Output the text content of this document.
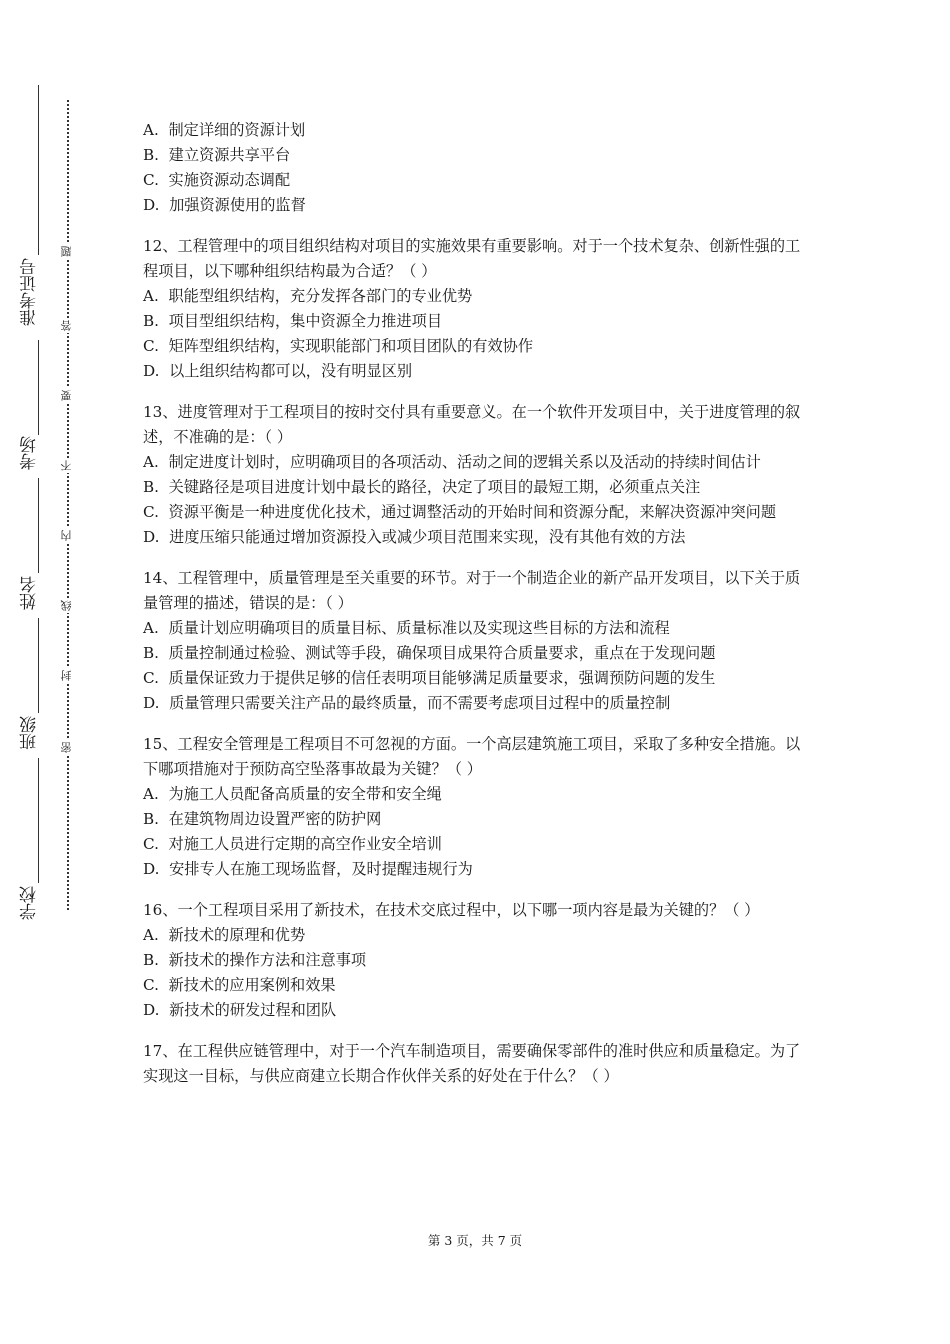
准考证号
考场
姓名
班级
学校
题
答
要
不
内
线
封
密

A.  制定详细的资源计划

B.  建立资源共享平台

C.  实施资源动态调配

D.  加强资源使用的监督

12、工程管理中的项目组织结构对项目的实施效果有重要影响。对于一个技术复杂、创新性强的工程项目，以下哪种组织结构最为合适？（ ）

A.  职能型组织结构，充分发挥各部门的专业优势

B.  项目型组织结构，集中资源全力推进项目

C.  矩阵型组织结构，实现职能部门和项目团队的有效协作

D.  以上组织结构都可以，没有明显区别

13、进度管理对于工程项目的按时交付具有重要意义。在一个软件开发项目中，关于进度管理的叙述，不准确的是：（ ）

A.  制定进度计划时，应明确项目的各项活动、活动之间的逻辑关系以及活动的持续时间估计

B.  关键路径是项目进度计划中最长的路径，决定了项目的最短工期，必须重点关注

C.  资源平衡是一种进度优化技术，通过调整活动的开始时间和资源分配，来解决资源冲突问题

D.  进度压缩只能通过增加资源投入或减少项目范围来实现，没有其他有效的方法

14、工程管理中，质量管理是至关重要的环节。对于一个制造企业的新产品开发项目，以下关于质量管理的描述，错误的是：（ ）

A.  质量计划应明确项目的质量目标、质量标准以及实现这些目标的方法和流程

B.  质量控制通过检验、测试等手段，确保项目成果符合质量要求，重点在于发现问题

C.  质量保证致力于提供足够的信任表明项目能够满足质量要求，强调预防问题的发生

D.  质量管理只需要关注产品的最终质量，而不需要考虑项目过程中的质量控制

15、工程安全管理是工程项目不可忽视的方面。一个高层建筑施工项目，采取了多种安全措施。以下哪项措施对于预防高空坠落事故最为关键？（ ）

A.  为施工人员配备高质量的安全带和安全绳

B.  在建筑物周边设置严密的防护网

C.  对施工人员进行定期的高空作业安全培训

D.  安排专人在施工现场监督，及时提醒违规行为

16、一个工程项目采用了新技术，在技术交底过程中，以下哪一项内容是最为关键的？（ ）

A.  新技术的原理和优势

B.  新技术的操作方法和注意事项

C.  新技术的应用案例和效果

D.  新技术的研发过程和团队

17、在工程供应链管理中，对于一个汽车制造项目，需要确保零部件的准时供应和质量稳定。为了实现这一目标，与供应商建立长期合作伙伴关系的好处在于什么？（ ）

第 3 页，共 7 页
